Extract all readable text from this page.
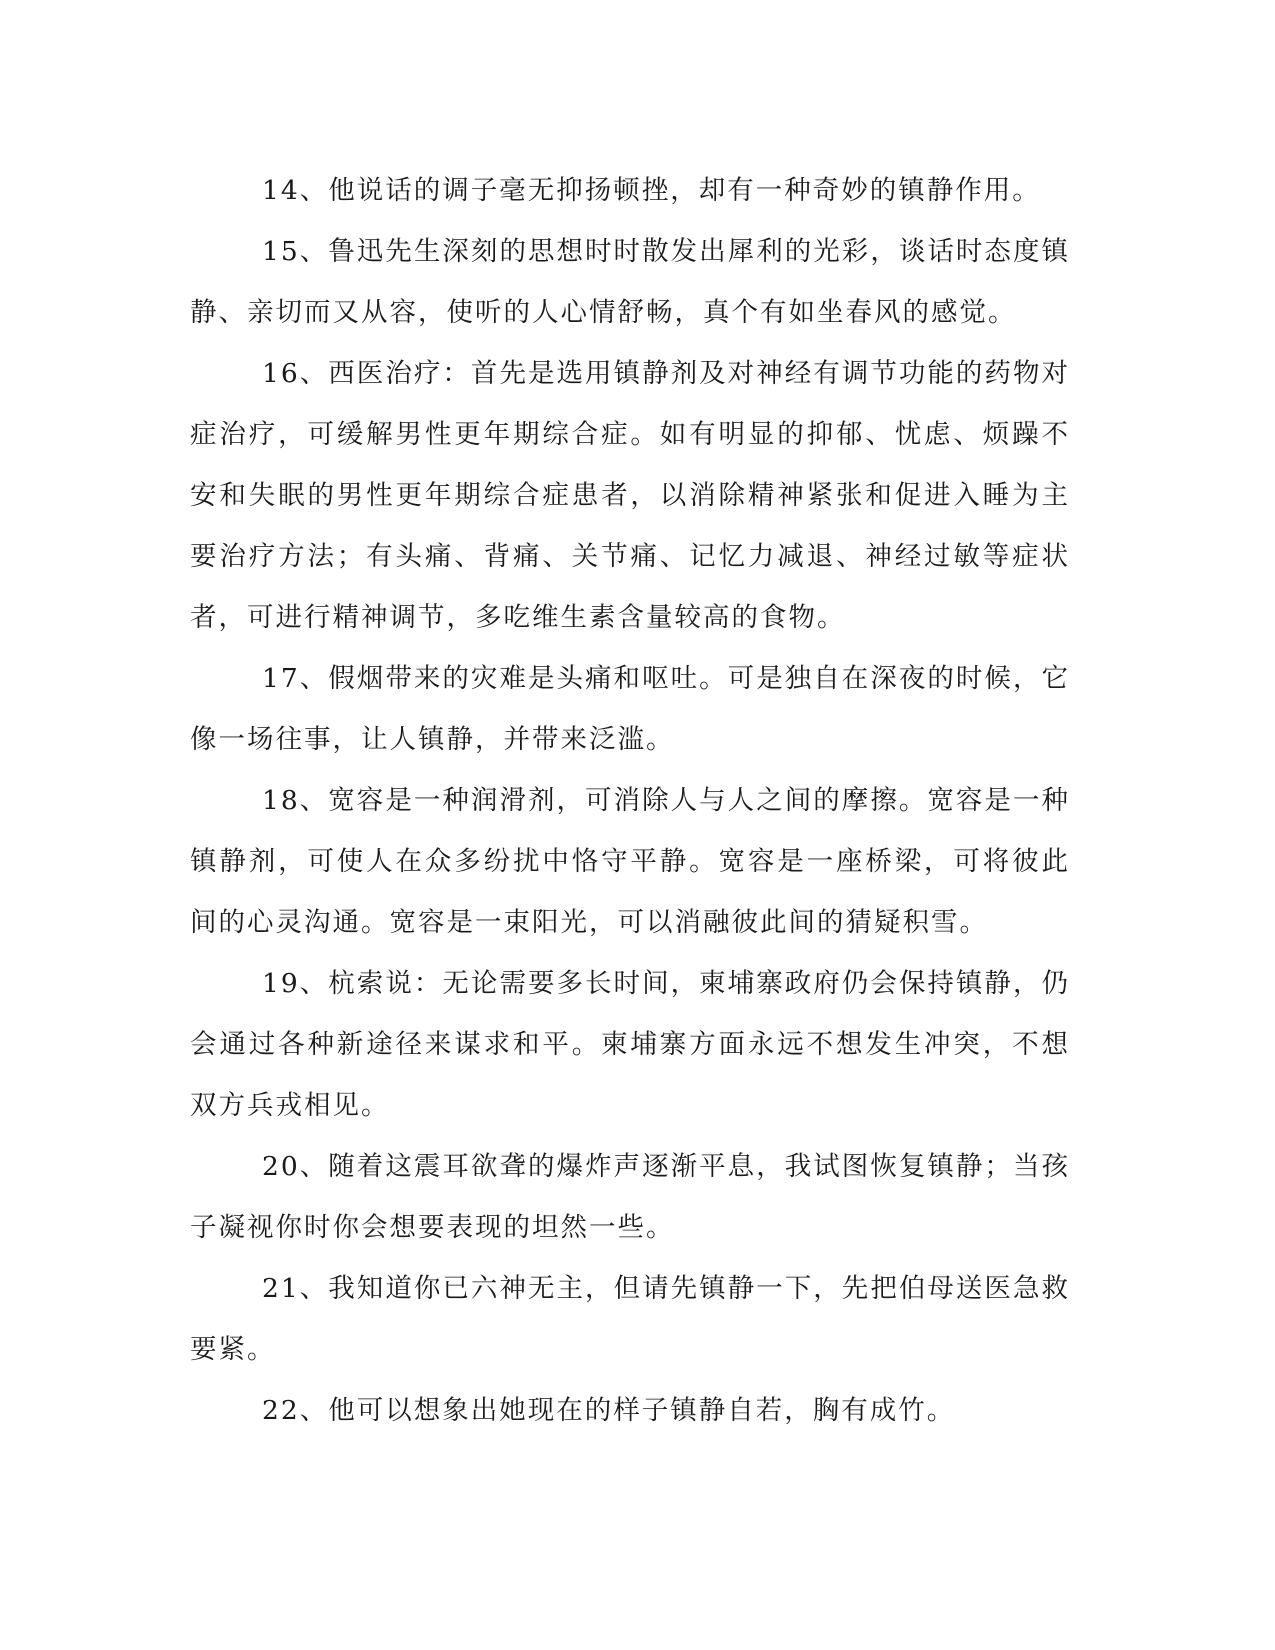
14、他说话的调子毫无抑扬顿挫，却有一种奇妙的镇静作用。

15、鲁迅先生深刻的思想时时散发出犀利的光彩，谈话时态度镇静、亲切而又从容，使听的人心情舒畅，真个有如坐春风的感觉。

16、西医治疗：首先是选用镇静剂及对神经有调节功能的药物对症治疗，可缓解男性更年期综合症。如有明显的抑郁、忧虑、烦躁不安和失眠的男性更年期综合症患者，以消除精神紧张和促进入睡为主要治疗方法；有头痛、背痛、关节痛、记忆力减退、神经过敏等症状者，可进行精神调节，多吃维生素含量较高的食物。

17、假烟带来的灾难是头痛和呕吐。可是独自在深夜的时候，它像一场往事，让人镇静，并带来泛滥。

18、宽容是一种润滑剂，可消除人与人之间的摩擦。宽容是一种镇静剂，可使人在众多纷扰中恪守平静。宽容是一座桥梁，可将彼此间的心灵沟通。宽容是一束阳光，可以消融彼此间的猜疑积雪。

19、杭索说：无论需要多长时间，柬埔寨政府仍会保持镇静，仍会通过各种新途径来谋求和平。柬埔寨方面永远不想发生冲突，不想双方兵戎相见。

20、随着这震耳欲聋的爆炸声逐渐平息，我试图恢复镇静；当孩子凝视你时你会想要表现的坦然一些。

21、我知道你已六神无主，但请先镇静一下，先把伯母送医急救要紧。

22、他可以想象出她现在的样子镇静自若，胸有成竹。
